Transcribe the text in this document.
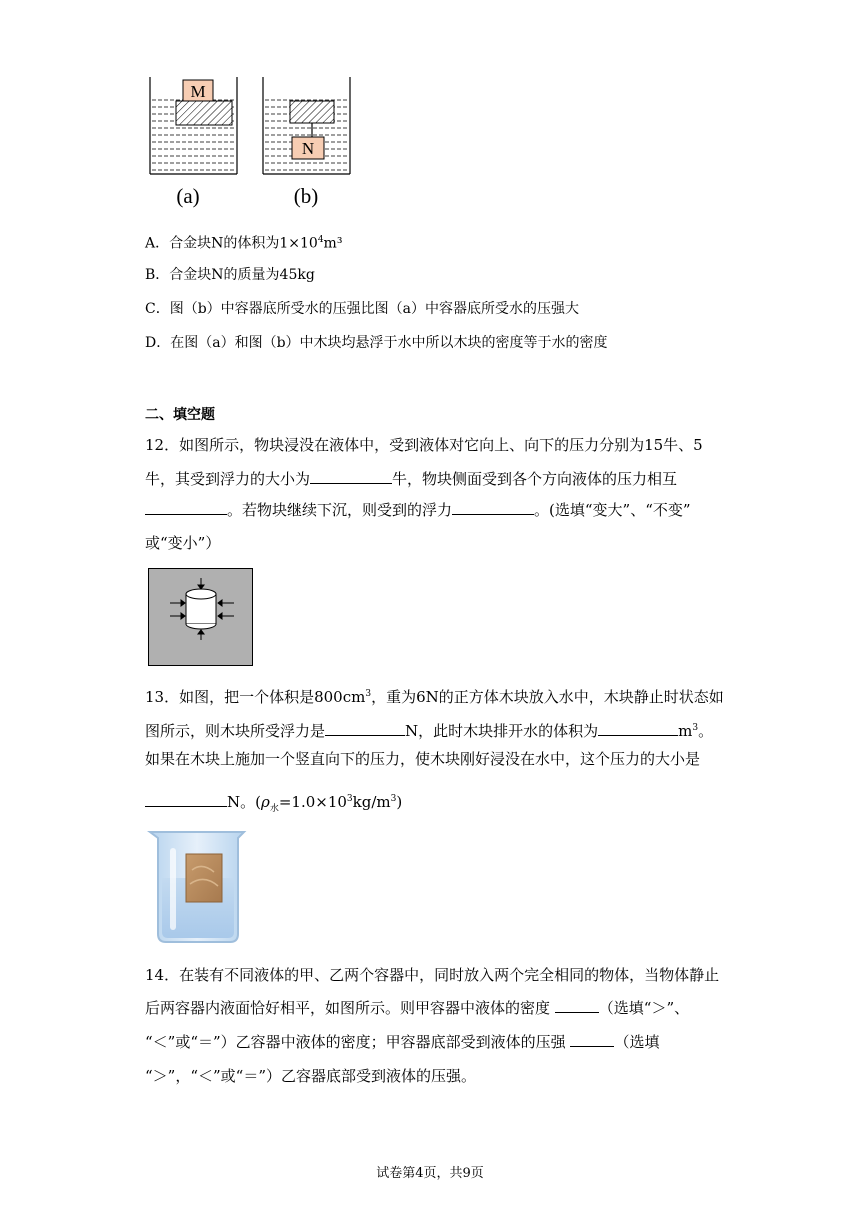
M
N
(a)	(b)
A．合金块N的体积为$1\times 10^4m^3$
B．合金块N的质量为45kg
C．图（b）中容器底所受水的压强比图（a）中容器底所受水的压强大
D．在图（a）和图（b）中木块均悬浮于水中所以木块的密度等于水的密度
二、填空题
12．如图所示，物块浸没在液体中，受到液体对它向上、向下的压力分别为15牛、5
牛，其受到浮力的大小为	牛，物块侧面受到各个方向液体的压力相互
。若物块继续下沉，则受到的浮力	。(选填“变大”、“不变”
或“变小”）
13．如图，把一个体积是$800cm^3$，重为6N的正方体木块放入水中，木块静止时状态如
图所示，则木块所受浮力是	N，此时木块排开水的体积为	$m^3$。
如果在木块上施加一个竖直向下的压力，使木块刚好浸没在水中，这个压力的大小是
N。$(\rho_水=1.0\times 10^3kg/m^3)$
14．在装有不同液体的甲、乙两个容器中，同时放入两个完全相同的物体，当物体静止
后两容器内液面恰好相平，如图所示。则甲容器中液体的密度	（选填“＞”、
“＜”或“＝”）乙容器中液体的密度；甲容器底部受到液体的压强	（选填
“＞”，“＜”或“＝”）乙容器底部受到液体的压强。
试卷第4页，共9页
